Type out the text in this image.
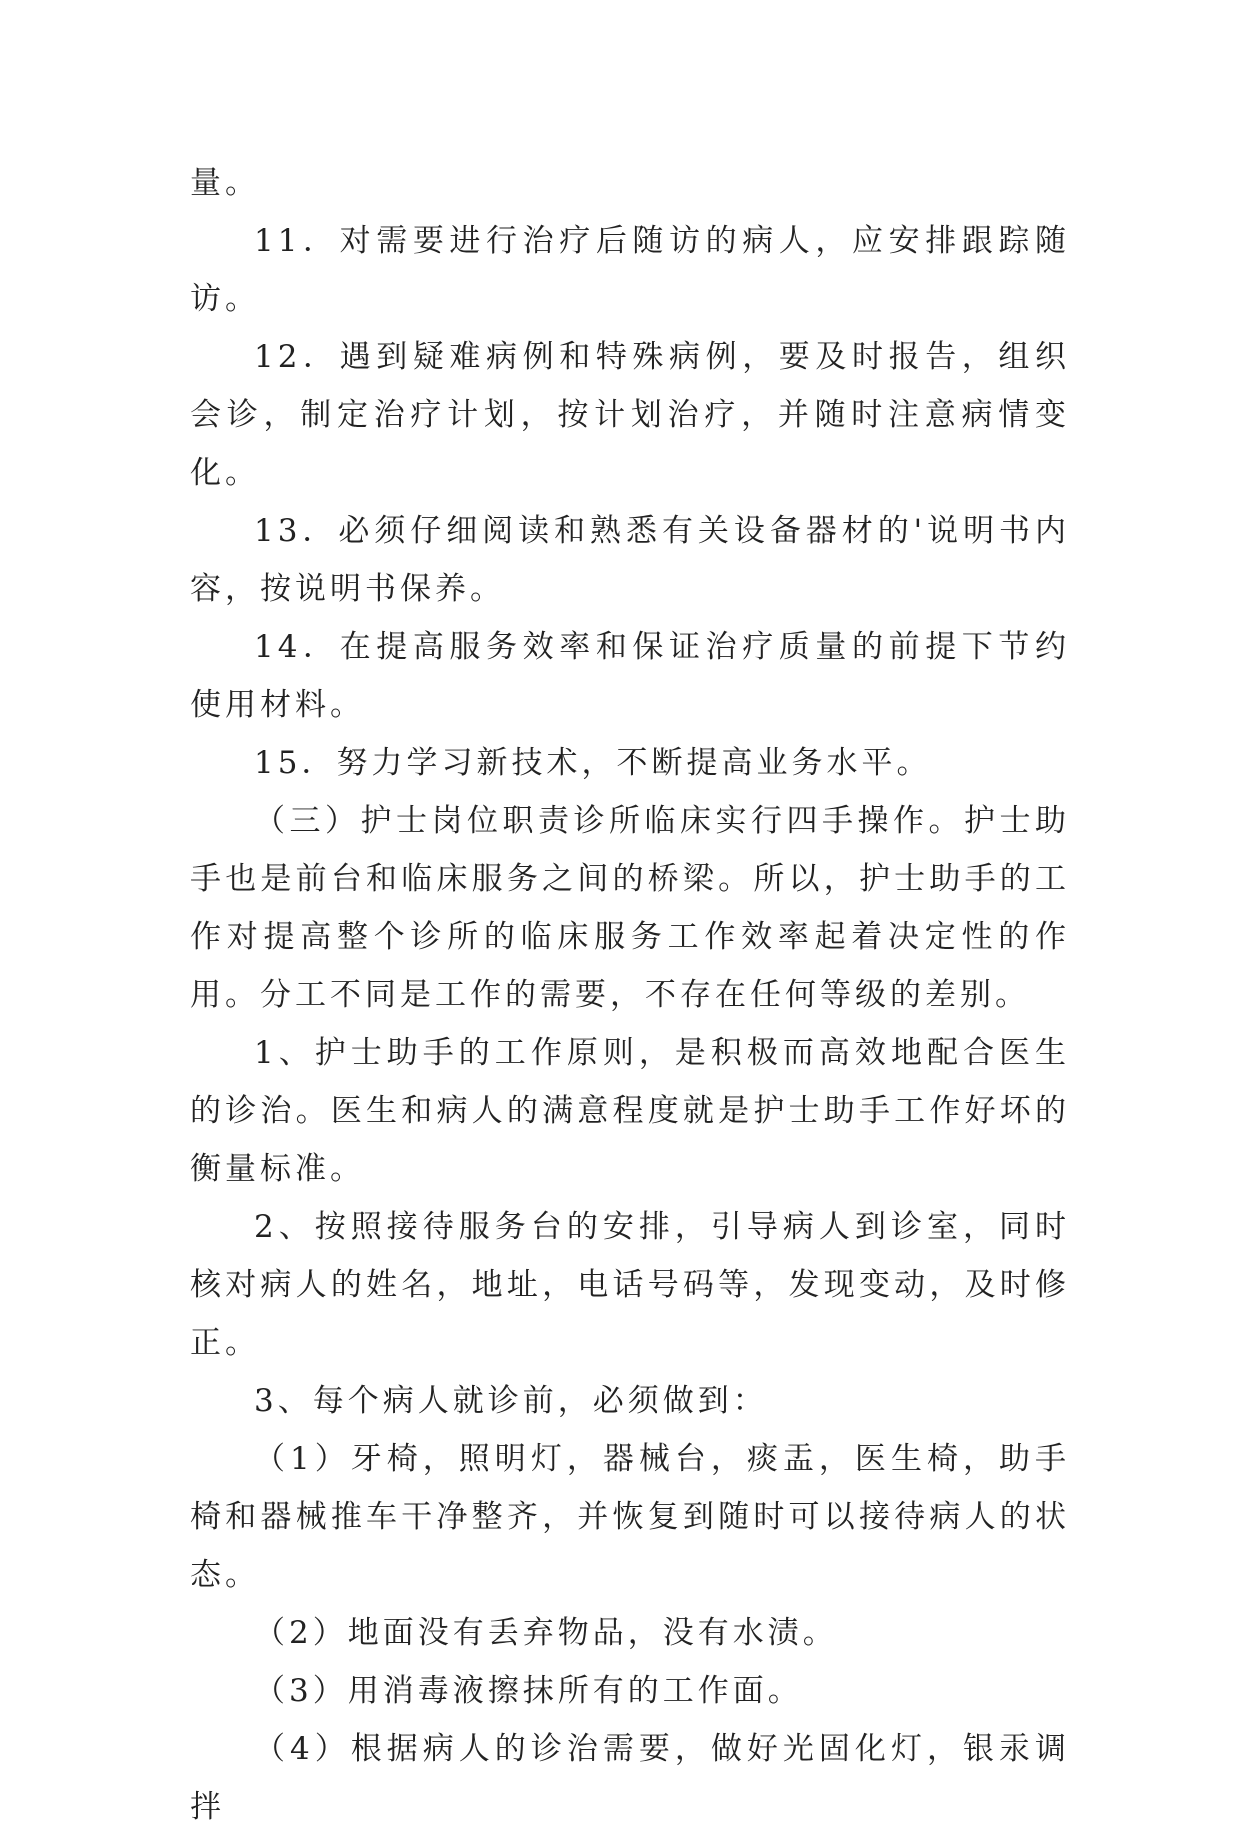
量。

11．对需要进行治疗后随访的病人，应安排跟踪随访。

12．遇到疑难病例和特殊病例，要及时报告，组织会诊，制定治疗计划，按计划治疗，并随时注意病情变化。

13．必须仔细阅读和熟悉有关设备器材的'说明书内容，按说明书保养。

14．在提高服务效率和保证治疗质量的前提下节约使用材料。

15．努力学习新技术，不断提高业务水平。

（三）护士岗位职责诊所临床实行四手操作。护士助手也是前台和临床服务之间的桥梁。所以，护士助手的工作对提高整个诊所的临床服务工作效率起着决定性的作用。分工不同是工作的需要，不存在任何等级的差别。

1、护士助手的工作原则，是积极而高效地配合医生的诊治。医生和病人的满意程度就是护士助手工作好坏的衡量标准。

2、按照接待服务台的安排，引导病人到诊室，同时核对病人的姓名，地址，电话号码等，发现变动，及时修正。

3、每个病人就诊前，必须做到：

（1）牙椅，照明灯，器械台，痰盂，医生椅，助手椅和器械推车干净整齐，并恢复到随时可以接待病人的状态。

（2）地面没有丢弃物品，没有水渍。

（3）用消毒液擦抹所有的工作面。

（4）根据病人的诊治需要，做好光固化灯，银汞调拌
